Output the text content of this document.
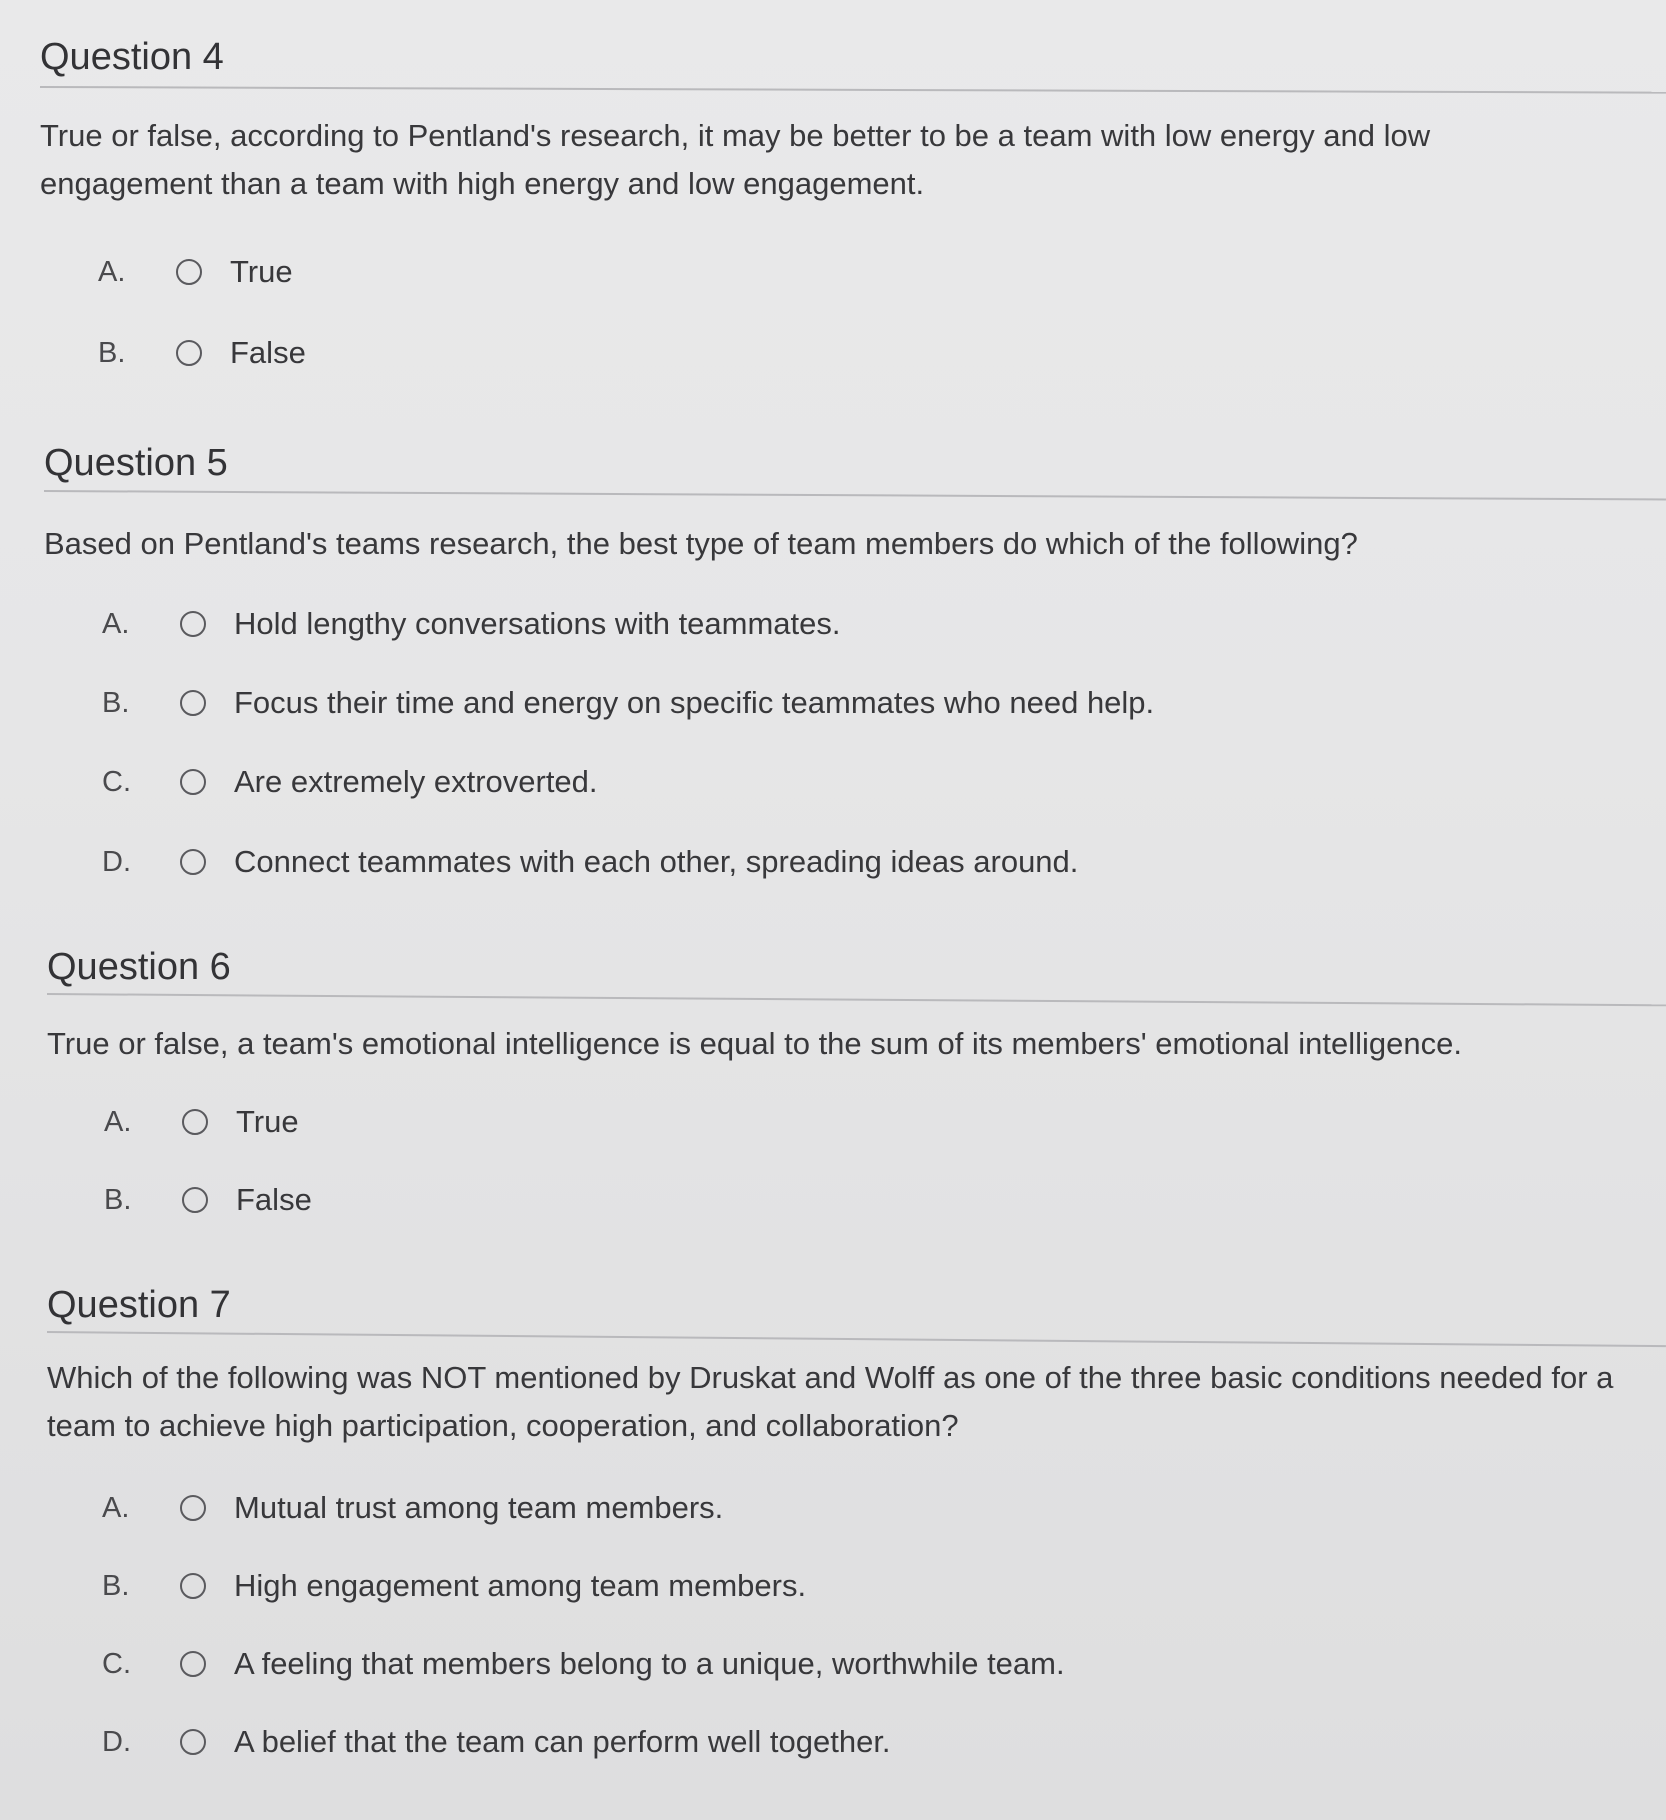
Question 4
True or false, according to Pentland's research, it may be better to be a team with low energy and low engagement than a team with high energy and low engagement.
A.	True
B.	False
Question 5
Based on Pentland's teams research, the best type of team members do which of the following?
A.	Hold lengthy conversations with teammates.
B.	Focus their time and energy on specific teammates who need help.
C.	Are extremely extroverted.
D.	Connect teammates with each other, spreading ideas around.
Question 6
True or false, a team's emotional intelligence is equal to the sum of its members' emotional intelligence.
A.	True
B.	False
Question 7
Which of the following was NOT mentioned by Druskat and Wolff as one of the three basic conditions needed for a team to achieve high participation, cooperation, and collaboration?
A.	Mutual trust among team members.
B.	High engagement among team members.
C.	A feeling that members belong to a unique, worthwhile team.
D.	A belief that the team can perform well together.
